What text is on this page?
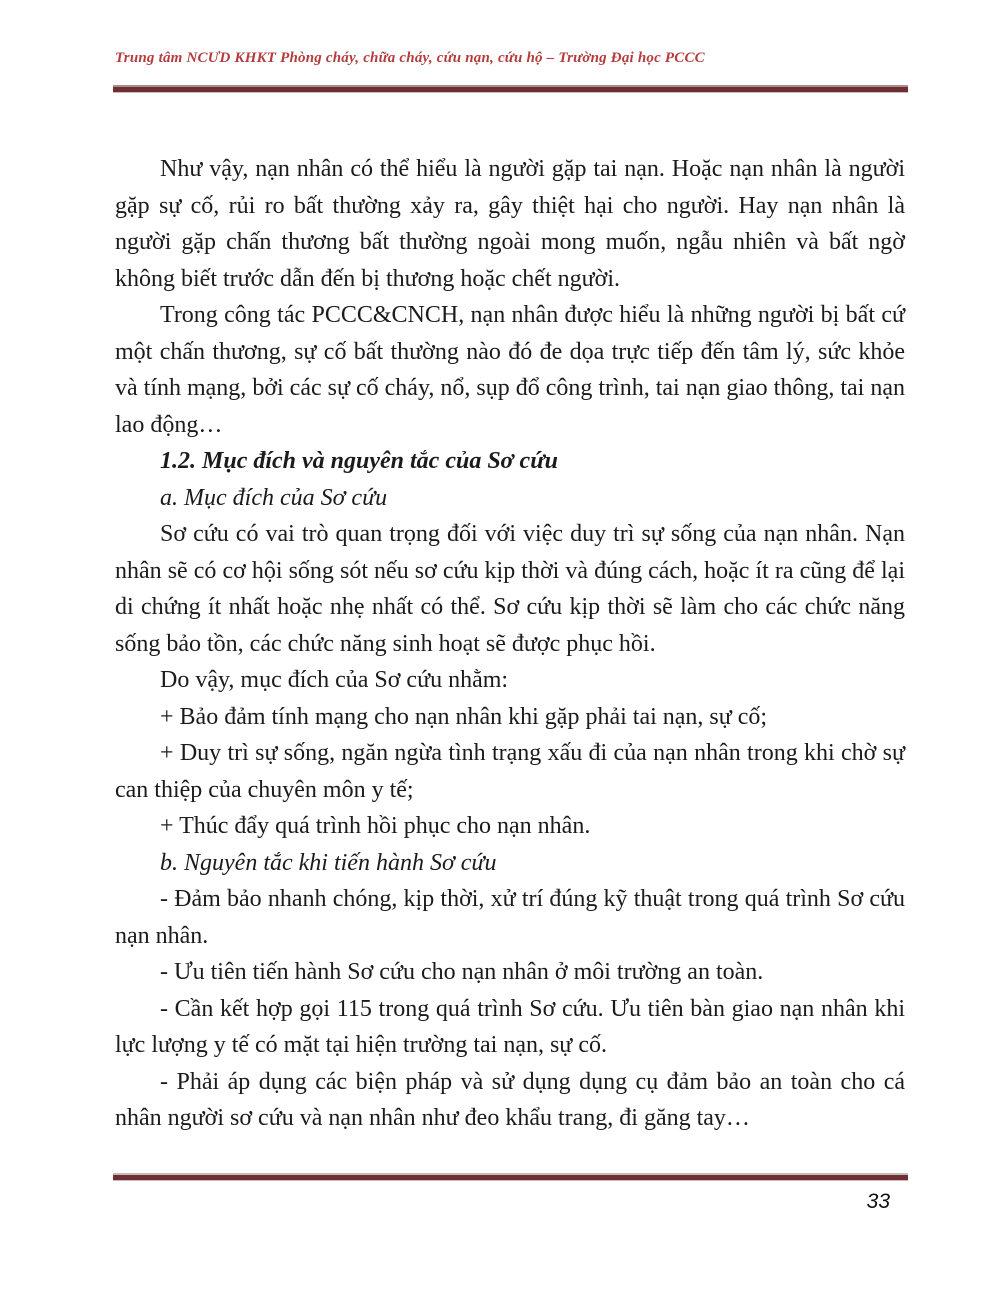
Trung tâm NCƯD KHKT Phòng cháy, chữa cháy, cứu nạn, cứu hộ – Trường Đại học PCCC

Như vậy, nạn nhân có thể hiểu là người gặp tai nạn. Hoặc nạn nhân là người gặp sự cố, rủi ro bất thường xảy ra, gây thiệt hại cho người. Hay nạn nhân là người gặp chấn thương bất thường ngoài mong muốn, ngẫu nhiên và bất ngờ không biết trước dẫn đến bị thương hoặc chết người.

Trong công tác PCCC&CNCH, nạn nhân được hiểu là những người bị bất cứ một chấn thương, sự cố bất thường nào đó đe dọa trực tiếp đến tâm lý, sức khỏe và tính mạng, bởi các sự cố cháy, nổ, sụp đổ công trình, tai nạn giao thông, tai nạn lao động…

1.2. Mục đích và nguyên tắc của Sơ cứu

a. Mục đích của Sơ cứu

Sơ cứu có vai trò quan trọng đối với việc duy trì sự sống của nạn nhân. Nạn nhân sẽ có cơ hội sống sót nếu sơ cứu kịp thời và đúng cách, hoặc ít ra cũng để lại di chứng ít nhất hoặc nhẹ nhất có thể. Sơ cứu kịp thời sẽ làm cho các chức năng sống bảo tồn, các chức năng sinh hoạt sẽ được phục hồi.

Do vậy, mục đích của Sơ cứu nhằm:

+ Bảo đảm tính mạng cho nạn nhân khi gặp phải tai nạn, sự cố;

+ Duy trì sự sống, ngăn ngừa tình trạng xấu đi của nạn nhân trong khi chờ sự can thiệp của chuyên môn y tế;

+ Thúc đẩy quá trình hồi phục cho nạn nhân.

b. Nguyên tắc khi tiến hành Sơ cứu

- Đảm bảo nhanh chóng, kịp thời, xử trí đúng kỹ thuật trong quá trình Sơ cứu nạn nhân.

- Ưu tiên tiến hành Sơ cứu cho nạn nhân ở môi trường an toàn.

- Cần kết hợp gọi 115 trong quá trình Sơ cứu. Ưu tiên bàn giao nạn nhân khi lực lượng y tế có mặt tại hiện trường tai nạn, sự cố.

- Phải áp dụng các biện pháp và sử dụng dụng cụ đảm bảo an toàn cho cá nhân người sơ cứu và nạn nhân như đeo khẩu trang, đi găng tay…

33
